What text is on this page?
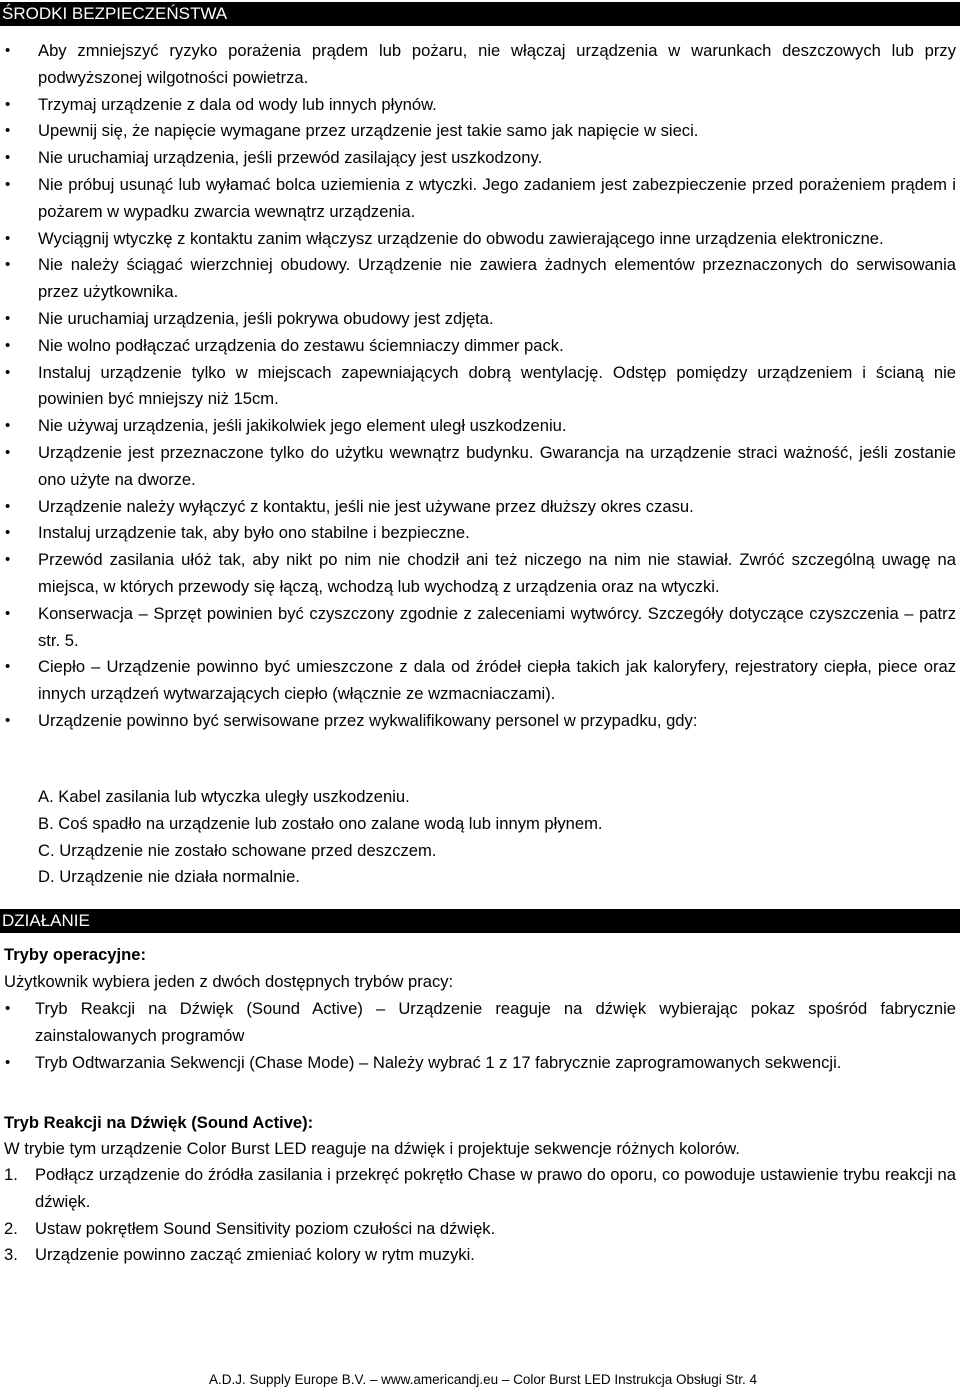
ŚRODKI BEZPIECZEŃSTWA
• Aby zmniejszyć ryzyko porażenia prądem lub pożaru, nie włączaj urządzenia w warunkach deszczowych lub przy podwyższonej wilgotności powietrza.
• Trzymaj urządzenie z dala od wody lub innych płynów.
• Upewnij się, że napięcie wymagane przez urządzenie jest takie samo jak napięcie w sieci.
• Nie uruchamiaj urządzenia, jeśli przewód zasilający jest uszkodzony.
• Nie próbuj usunąć lub wyłamać bolca uziemienia z wtyczki. Jego zadaniem jest zabezpieczenie przed porażeniem prądem i pożarem w wypadku zwarcia wewnątrz urządzenia.
• Wyciągnij wtyczkę z kontaktu zanim włączysz urządzenie do obwodu zawierającego inne urządzenia elektroniczne.
• Nie należy ściągać wierzchniej obudowy. Urządzenie nie zawiera żadnych elementów przeznaczonych do serwisowania przez użytkownika.
• Nie uruchamiaj urządzenia, jeśli pokrywa obudowy jest zdjęta.
• Nie wolno podłączać urządzenia do zestawu ściemniaczy dimmer pack.
• Instaluj urządzenie tylko w miejscach zapewniających dobrą wentylację. Odstęp pomiędzy urządzeniem i ścianą nie powinien być mniejszy niż 15cm.
• Nie używaj urządzenia, jeśli jakikolwiek jego element uległ uszkodzeniu.
• Urządzenie jest przeznaczone tylko do użytku wewnątrz budynku. Gwarancja na urządzenie straci ważność, jeśli zostanie ono użyte na dworze.
• Urządzenie należy wyłączyć z kontaktu, jeśli nie jest używane przez dłuższy okres czasu.
• Instaluj urządzenie tak, aby było ono stabilne i bezpieczne.
• Przewód zasilania ułóż tak, aby nikt po nim nie chodził ani też niczego na nim nie stawiał. Zwróć szczególną uwagę na miejsca, w których przewody się łączą, wchodzą lub wychodzą z urządzenia oraz na wtyczki.
• Konserwacja – Sprzęt powinien być czyszczony zgodnie z zaleceniami wytwórcy. Szczegóły dotyczące czyszczenia – patrz str. 5.
• Ciepło – Urządzenie powinno być umieszczone z dala od źródeł ciepła takich jak kaloryfery, rejestratory ciepła, piece oraz innych urządzeń wytwarzających ciepło (włącznie ze wzmacniaczami).
• Urządzenie powinno być serwisowane przez wykwalifikowany personel w przypadku, gdy:
A. Kabel zasilania lub wtyczka uległy uszkodzeniu.
B. Coś spadło na urządzenie lub zostało ono zalane wodą lub innym płynem.
C. Urządzenie nie zostało schowane przed deszczem.
D. Urządzenie nie działa normalnie.
DZIAŁANIE
Tryby operacyjne:
Użytkownik wybiera jeden z dwóch dostępnych trybów pracy:
• Tryb Reakcji na Dźwięk (Sound Active) – Urządzenie reaguje na dźwięk wybierając pokaz spośród fabrycznie zainstalowanych programów
• Tryb Odtwarzania Sekwencji (Chase Mode) – Należy wybrać 1 z 17 fabrycznie zaprogramowanych sekwencji.
Tryb Reakcji na Dźwięk (Sound Active):
W trybie tym urządzenie Color Burst LED reaguje na dźwięk i projektuje sekwencje różnych kolorów.
1. Podłącz urządzenie do źródła zasilania i przekręć pokrętło Chase w prawo do oporu, co powoduje ustawienie trybu reakcji na dźwięk.
2. Ustaw pokrętłem Sound Sensitivity poziom czułości na dźwięk.
3. Urządzenie powinno zacząć zmieniać kolory w rytm muzyki.
A.D.J. Supply Europe B.V. – www.americandj.eu – Color Burst LED Instrukcja Obsługi Str. 4
